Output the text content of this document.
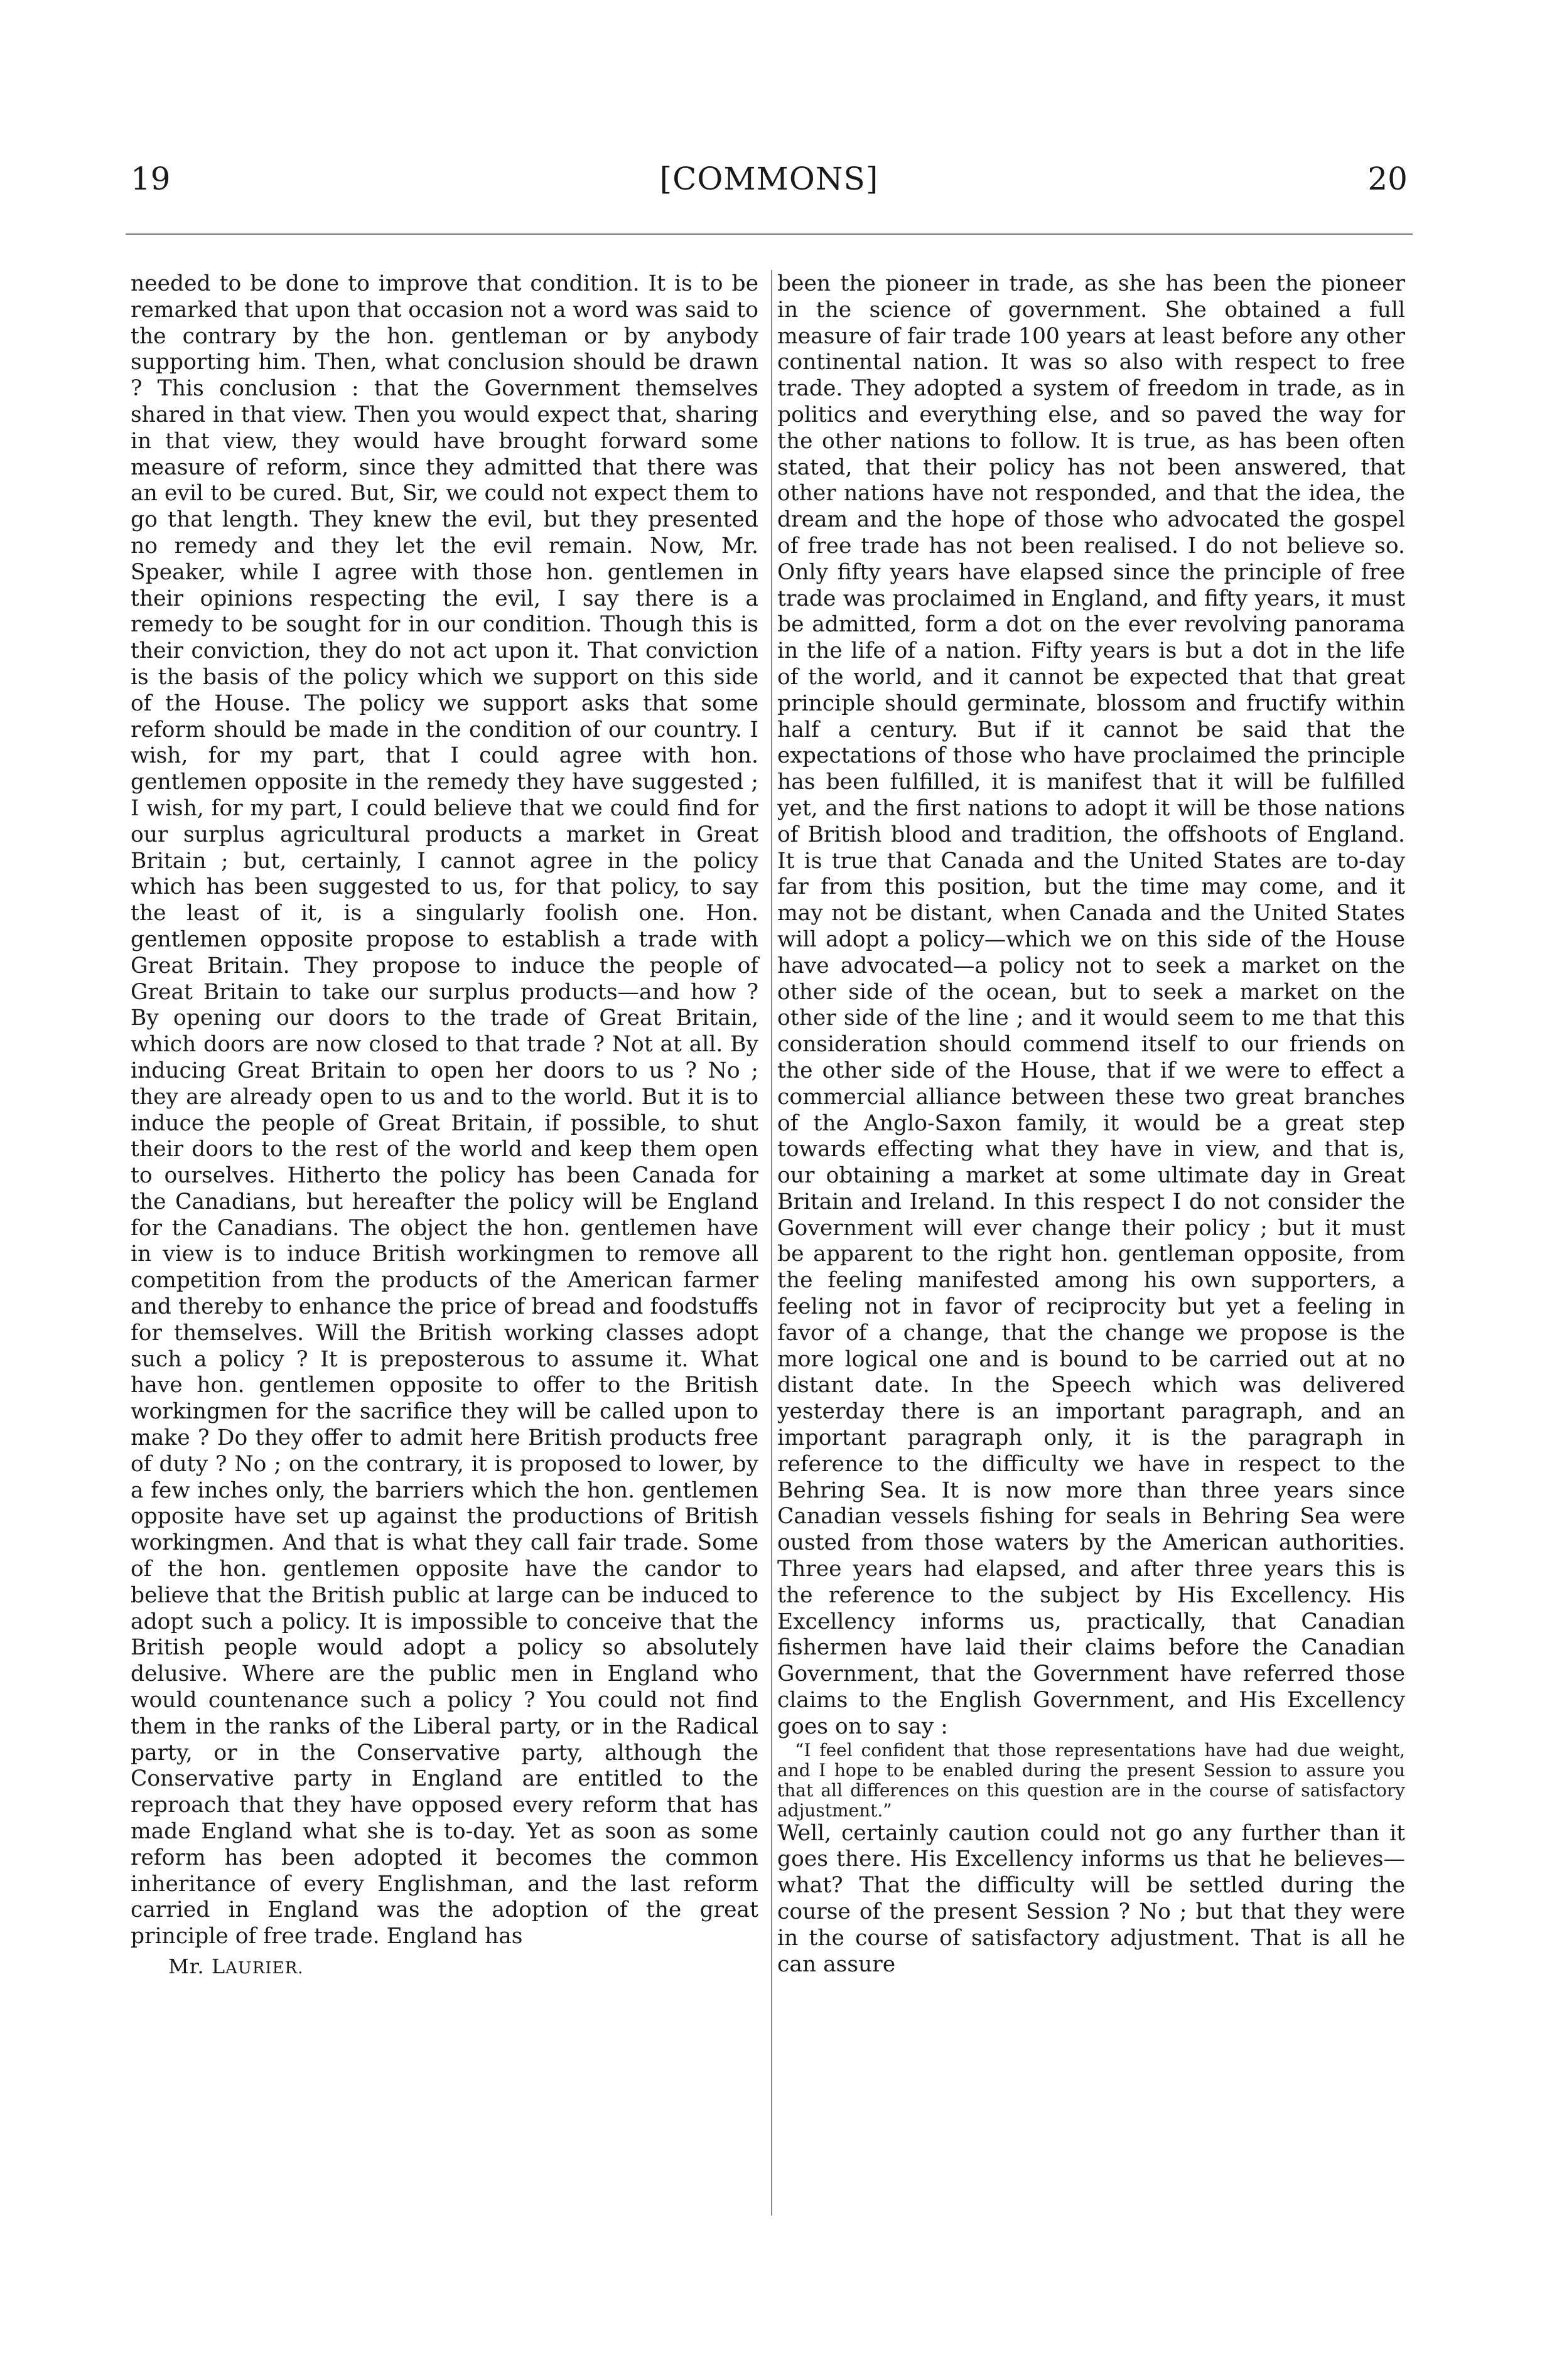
19	[COMMONS]	20

needed to be done to improve that condition. It is to be remarked that upon that occasion not a word was said to the contrary by the hon. gentleman or by anybody supporting him. Then, what conclusion should be drawn ? This conclusion : that the Government themselves shared in that view. Then you would expect that, sharing in that view, they would have brought forward some measure of reform, since they admitted that there was an evil to be cured. But, Sir, we could not expect them to go that length. They knew the evil, but they presented no remedy and they let the evil remain. Now, Mr. Speaker, while I agree with those hon. gentlemen in their opinions respecting the evil, I say there is a remedy to be sought for in our condition. Though this is their conviction, they do not act upon it. That conviction is the basis of the policy which we support on this side of the House. The policy we support asks that some reform should be made in the condition of our country. I wish, for my part, that I could agree with hon. gentlemen opposite in the remedy they have suggested ; I wish, for my part, I could believe that we could find for our surplus agricultural products a market in Great Britain ; but, certainly, I cannot agree in the policy which has been suggested to us, for that policy, to say the least of it, is a singularly foolish one. Hon. gentlemen opposite propose to establish a trade with Great Britain. They propose to induce the people of Great Britain to take our surplus products—and how ? By opening our doors to the trade of Great Britain, which doors are now closed to that trade ? Not at all. By inducing Great Britain to open her doors to us ? No ; they are already open to us and to the world. But it is to induce the people of Great Britain, if possible, to shut their doors to the rest of the world and keep them open to ourselves. Hitherto the policy has been Canada for the Canadians, but hereafter the policy will be England for the Canadians. The object the hon. gentlemen have in view is to induce British workingmen to remove all competition from the products of the American farmer and thereby to enhance the price of bread and foodstuffs for themselves. Will the British working classes adopt such a policy ? It is preposterous to assume it. What have hon. gentlemen opposite to offer to the British workingmen for the sacrifice they will be called upon to make ? Do they offer to admit here British products free of duty ? No ; on the contrary, it is proposed to lower, by a few inches only, the barriers which the hon. gentlemen opposite have set up against the productions of British workingmen. And that is what they call fair trade. Some of the hon. gentlemen opposite have the candor to believe that the British public at large can be induced to adopt such a policy. It is impossible to conceive that the British people would adopt a policy so absolutely delusive. Where are the public men in England who would countenance such a policy ? You could not find them in the ranks of the Liberal party, or in the Radical party, or in the Conservative party, although the Conservative party in England are entitled to the reproach that they have opposed every reform that has made England what she is to-day. Yet as soon as some reform has been adopted it becomes the common inheritance of every Englishman, and the last reform carried in England was the adoption of the great principle of free trade. England has

Mr. LAURIER.

been the pioneer in trade, as she has been the pioneer in the science of government. She obtained a full measure of fair trade 100 years at least before any other continental nation. It was so also with respect to free trade. They adopted a system of freedom in trade, as in politics and everything else, and so paved the way for the other nations to follow. It is true, as has been often stated, that their policy has not been answered, that other nations have not responded, and that the idea, the dream and the hope of those who advocated the gospel of free trade has not been realised. I do not believe so. Only fifty years have elapsed since the principle of free trade was proclaimed in England, and fifty years, it must be admitted, form a dot on the ever revolving panorama in the life of a nation. Fifty years is but a dot in the life of the world, and it cannot be expected that that great principle should germinate, blossom and fructify within half a century. But if it cannot be said that the expectations of those who have proclaimed the principle has been fulfilled, it is manifest that it will be fulfilled yet, and the first nations to adopt it will be those nations of British blood and tradition, the offshoots of England. It is true that Canada and the United States are to-day far from this position, but the time may come, and it may not be distant, when Canada and the United States will adopt a policy—which we on this side of the House have advocated—a policy not to seek a market on the other side of the ocean, but to seek a market on the other side of the line ; and it would seem to me that this consideration should commend itself to our friends on the other side of the House, that if we were to effect a commercial alliance between these two great branches of the Anglo-Saxon family, it would be a great step towards effecting what they have in view, and that is, our obtaining a market at some ultimate day in Great Britain and Ireland. In this respect I do not consider the Government will ever change their policy ; but it must be apparent to the right hon. gentleman opposite, from the feeling manifested among his own supporters, a feeling not in favor of reciprocity but yet a feeling in favor of a change, that the change we propose is the more logical one and is bound to be carried out at no distant date. In the Speech which was delivered yesterday there is an important paragraph, and an important paragraph only, it is the paragraph in reference to the difficulty we have in respect to the Behring Sea. It is now more than three years since Canadian vessels fishing for seals in Behring Sea were ousted from those waters by the American authorities. Three years had elapsed, and after three years this is the reference to the subject by His Excellency. His Excellency informs us, practically, that Canadian fishermen have laid their claims before the Canadian Government, that the Government have referred those claims to the English Government, and His Excellency goes on to say :

“I feel confident that those representations have had due weight, and I hope to be enabled during the present Session to assure you that all differences on this question are in the course of satisfactory adjustment.”

Well, certainly caution could not go any further than it goes there. His Excellency informs us that he believes—what? That the difficulty will be settled during the course of the present Session ? No ; but that they were in the course of satisfactory adjustment. That is all he can assure
